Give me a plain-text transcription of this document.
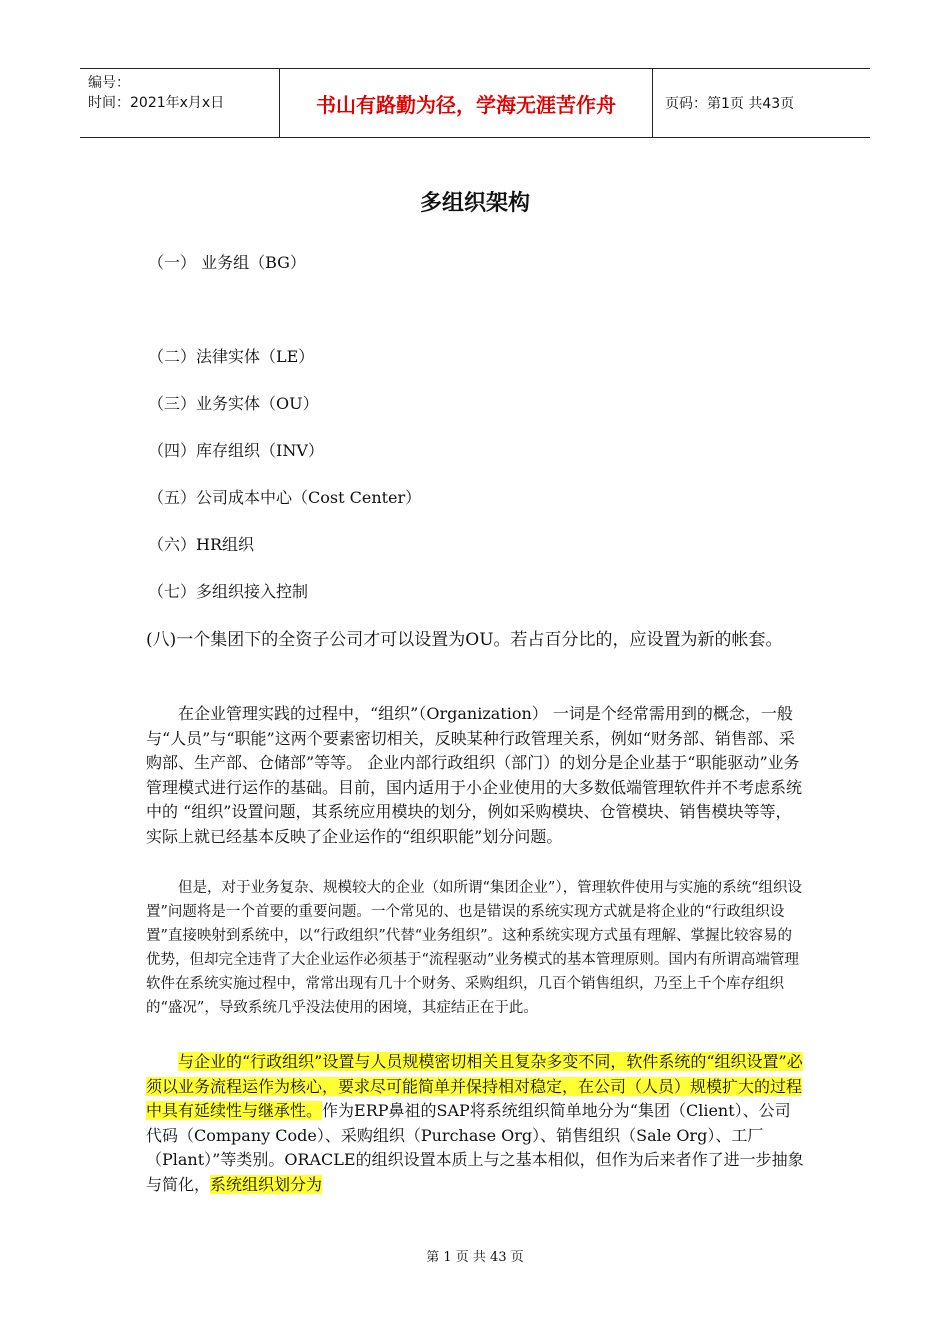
编号：
时间：2021年x月x日	书山有路勤为径，学海无涯苦作舟	页码：第1页 共43页
多组织架构
（一） 业务组（BG）
（二）法律实体（LE）
（三）业务实体（OU）
（四）库存组织（INV）
（五）公司成本中心（Cost Center）
（六）HR组织
（七）多组织接入控制
(八)一个集团下的全资子公司才可以设置为OU。若占百分比的，应设置为新的帐套。

在企业管理实践的过程中，“组织”（Organization） 一词是个经常需用到的概念，一般与“人员”与“职能”这两个要素密切相关，反映某种行政管理关系，例如“财务部、销售部、采购部、生产部、仓储部”等等。 企业内部行政组织（部门）的划分是企业基于“职能驱动”业务管理模式进行运作的基础。目前，国内适用于小企业使用的大多数低端管理软件并不考虑系统中的 “组织”设置问题，其系统应用模块的划分，例如采购模块、仓管模块、销售模块等等，实际上就已经基本反映了企业运作的“组织职能”划分问题。

但是，对于业务复杂、规模较大的企业（如所谓“集团企业”），管理软件使用与实施的系统“组织设置”问题将是一个首要的重要问题。一个常见的、也是错误的系统实现方式就是将企业的“行政组织设置”直接映射到系统中，以“行政组织”代替“业务组织”。这种系统实现方式虽有理解、掌握比较容易的优势，但却完全违背了大企业运作必须基于“流程驱动”业务模式的基本管理原则。国内有所谓高端管理软件在系统实施过程中，常常出现有几十个财务、采购组织，几百个销售组织，乃至上千个库存组织的“盛况”，导致系统几乎没法使用的困境，其症结正在于此。

与企业的“行政组织”设置与人员规模密切相关且复杂多变不同，软件系统的“组织设置”必须以业务流程运作为核心，要求尽可能简单并保持相对稳定，在公司（人员）规模扩大的过程中具有延续性与继承性。作为ERP鼻祖的SAP将系统组织简单地分为“集团（Client）、公司代码（Company Code）、采购组织（Purchase Org）、销售组织（Sale Org）、工厂（Plant）”等类别。ORACLE的组织设置本质上与之基本相似，但作为后来者作了进一步抽象与简化，系统组织划分为

第 1 页 共 43 页
